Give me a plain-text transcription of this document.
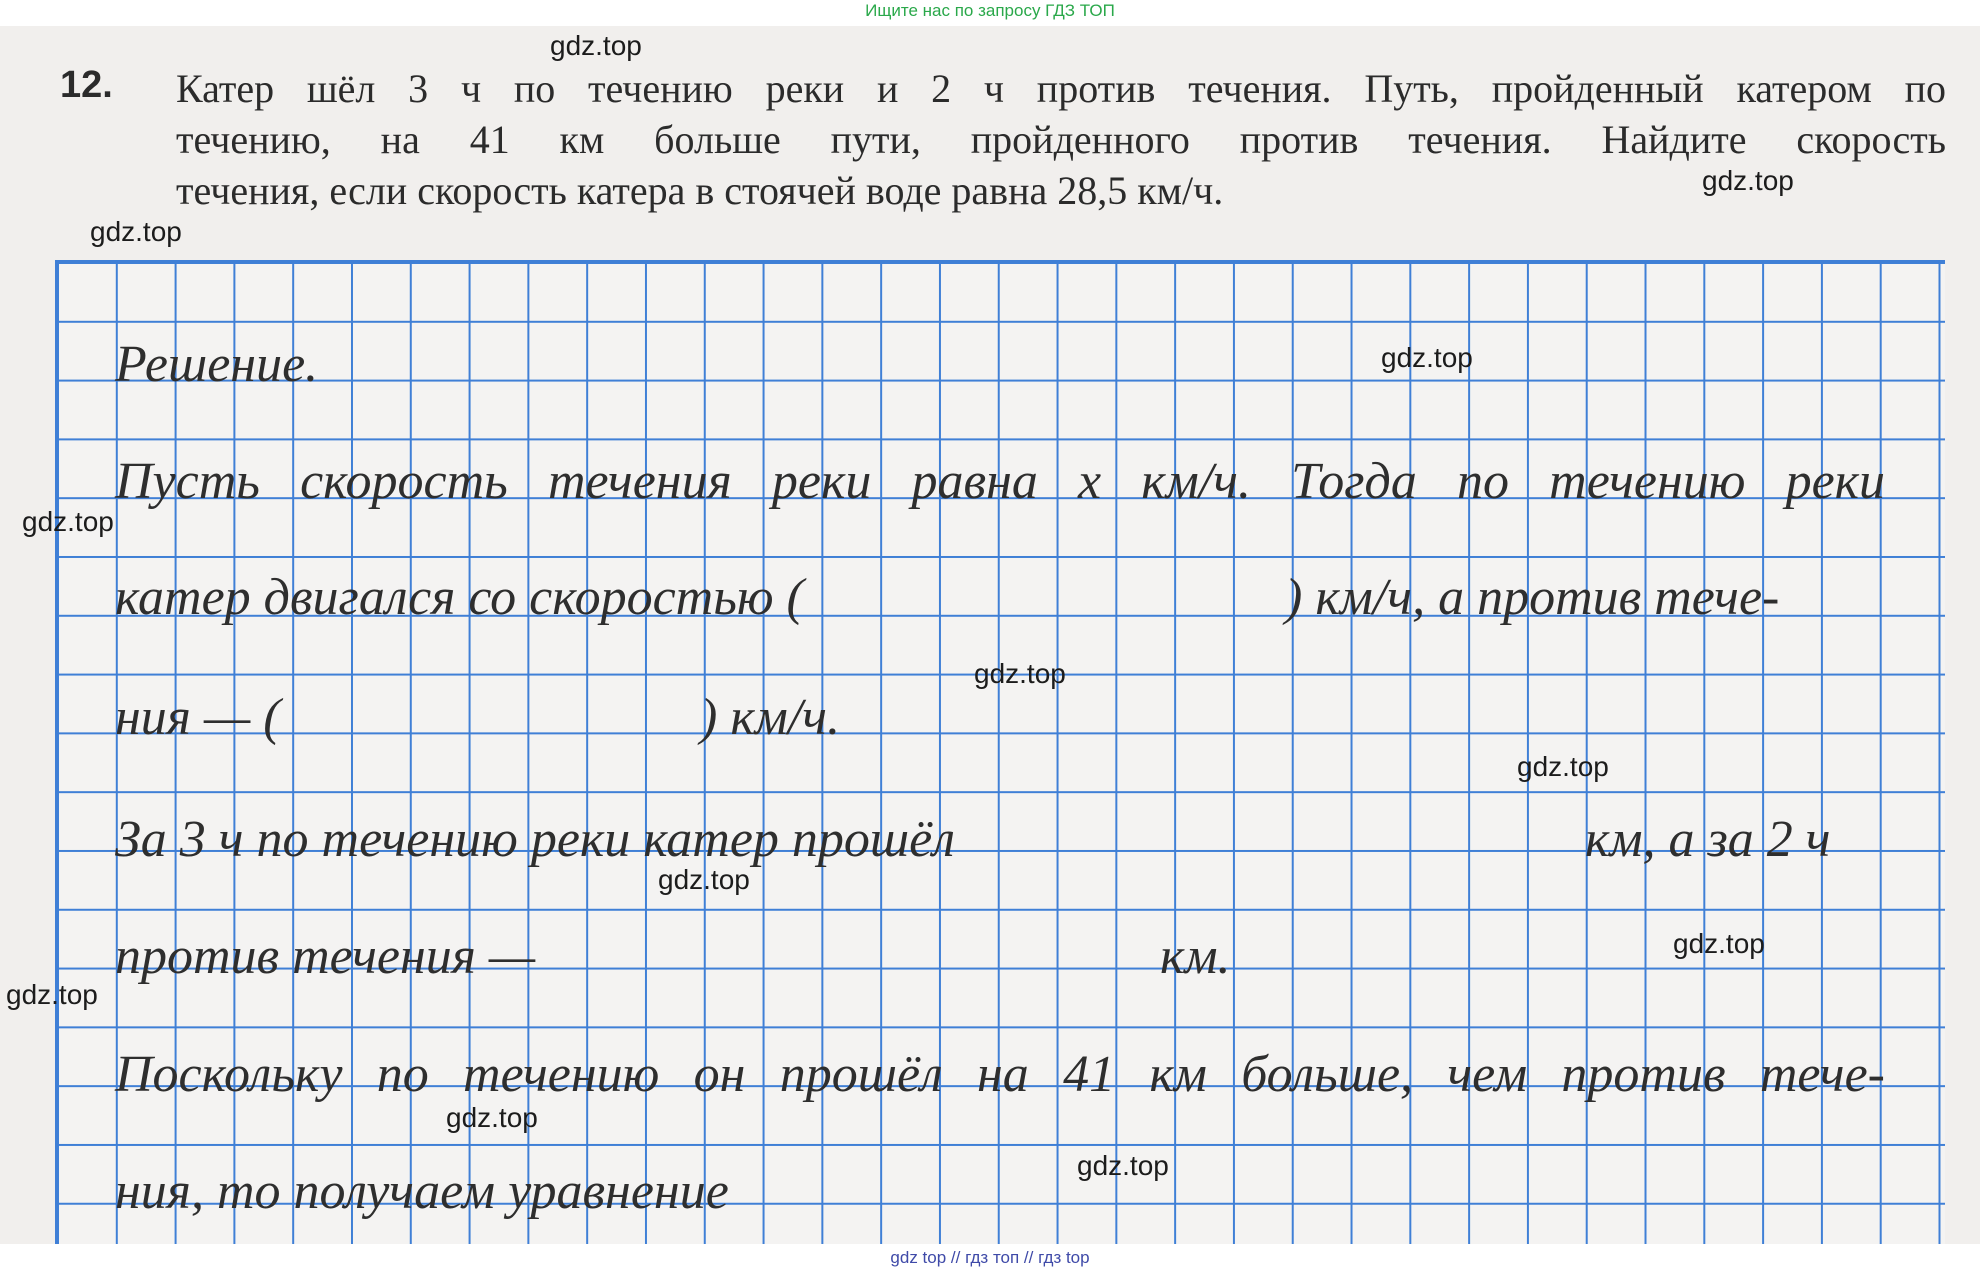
Ищите нас по запросу ГДЗ ТОП
12. Катер шёл 3 ч по течению реки и 2 ч против течения. Путь, пройденный катером по
течению, на 41 км больше пути, пройденного против течения. Найдите скорость
течения, если скорость катера в стоячей воде равна 28,5 км/ч.
Решение.
Пусть скорость течения реки равна x км/ч. Тогда по течению реки
катер двигался со скоростью (	) км/ч, а против тече-
ния — (	) км/ч.
За 3 ч по течению реки катер прошёл	км, а за 2 ч
против течения —	км.
Поскольку по течению он прошёл на 41 км больше, чем против тече-
ния, то получаем уравнение
gdz.top
gdz.top
gdz.top
gdz.top
gdz.top
gdz.top
gdz.top
gdz.top
gdz.top
gdz.top
gdz.top
gdz.top
gdz top // гдз топ // гдз top
